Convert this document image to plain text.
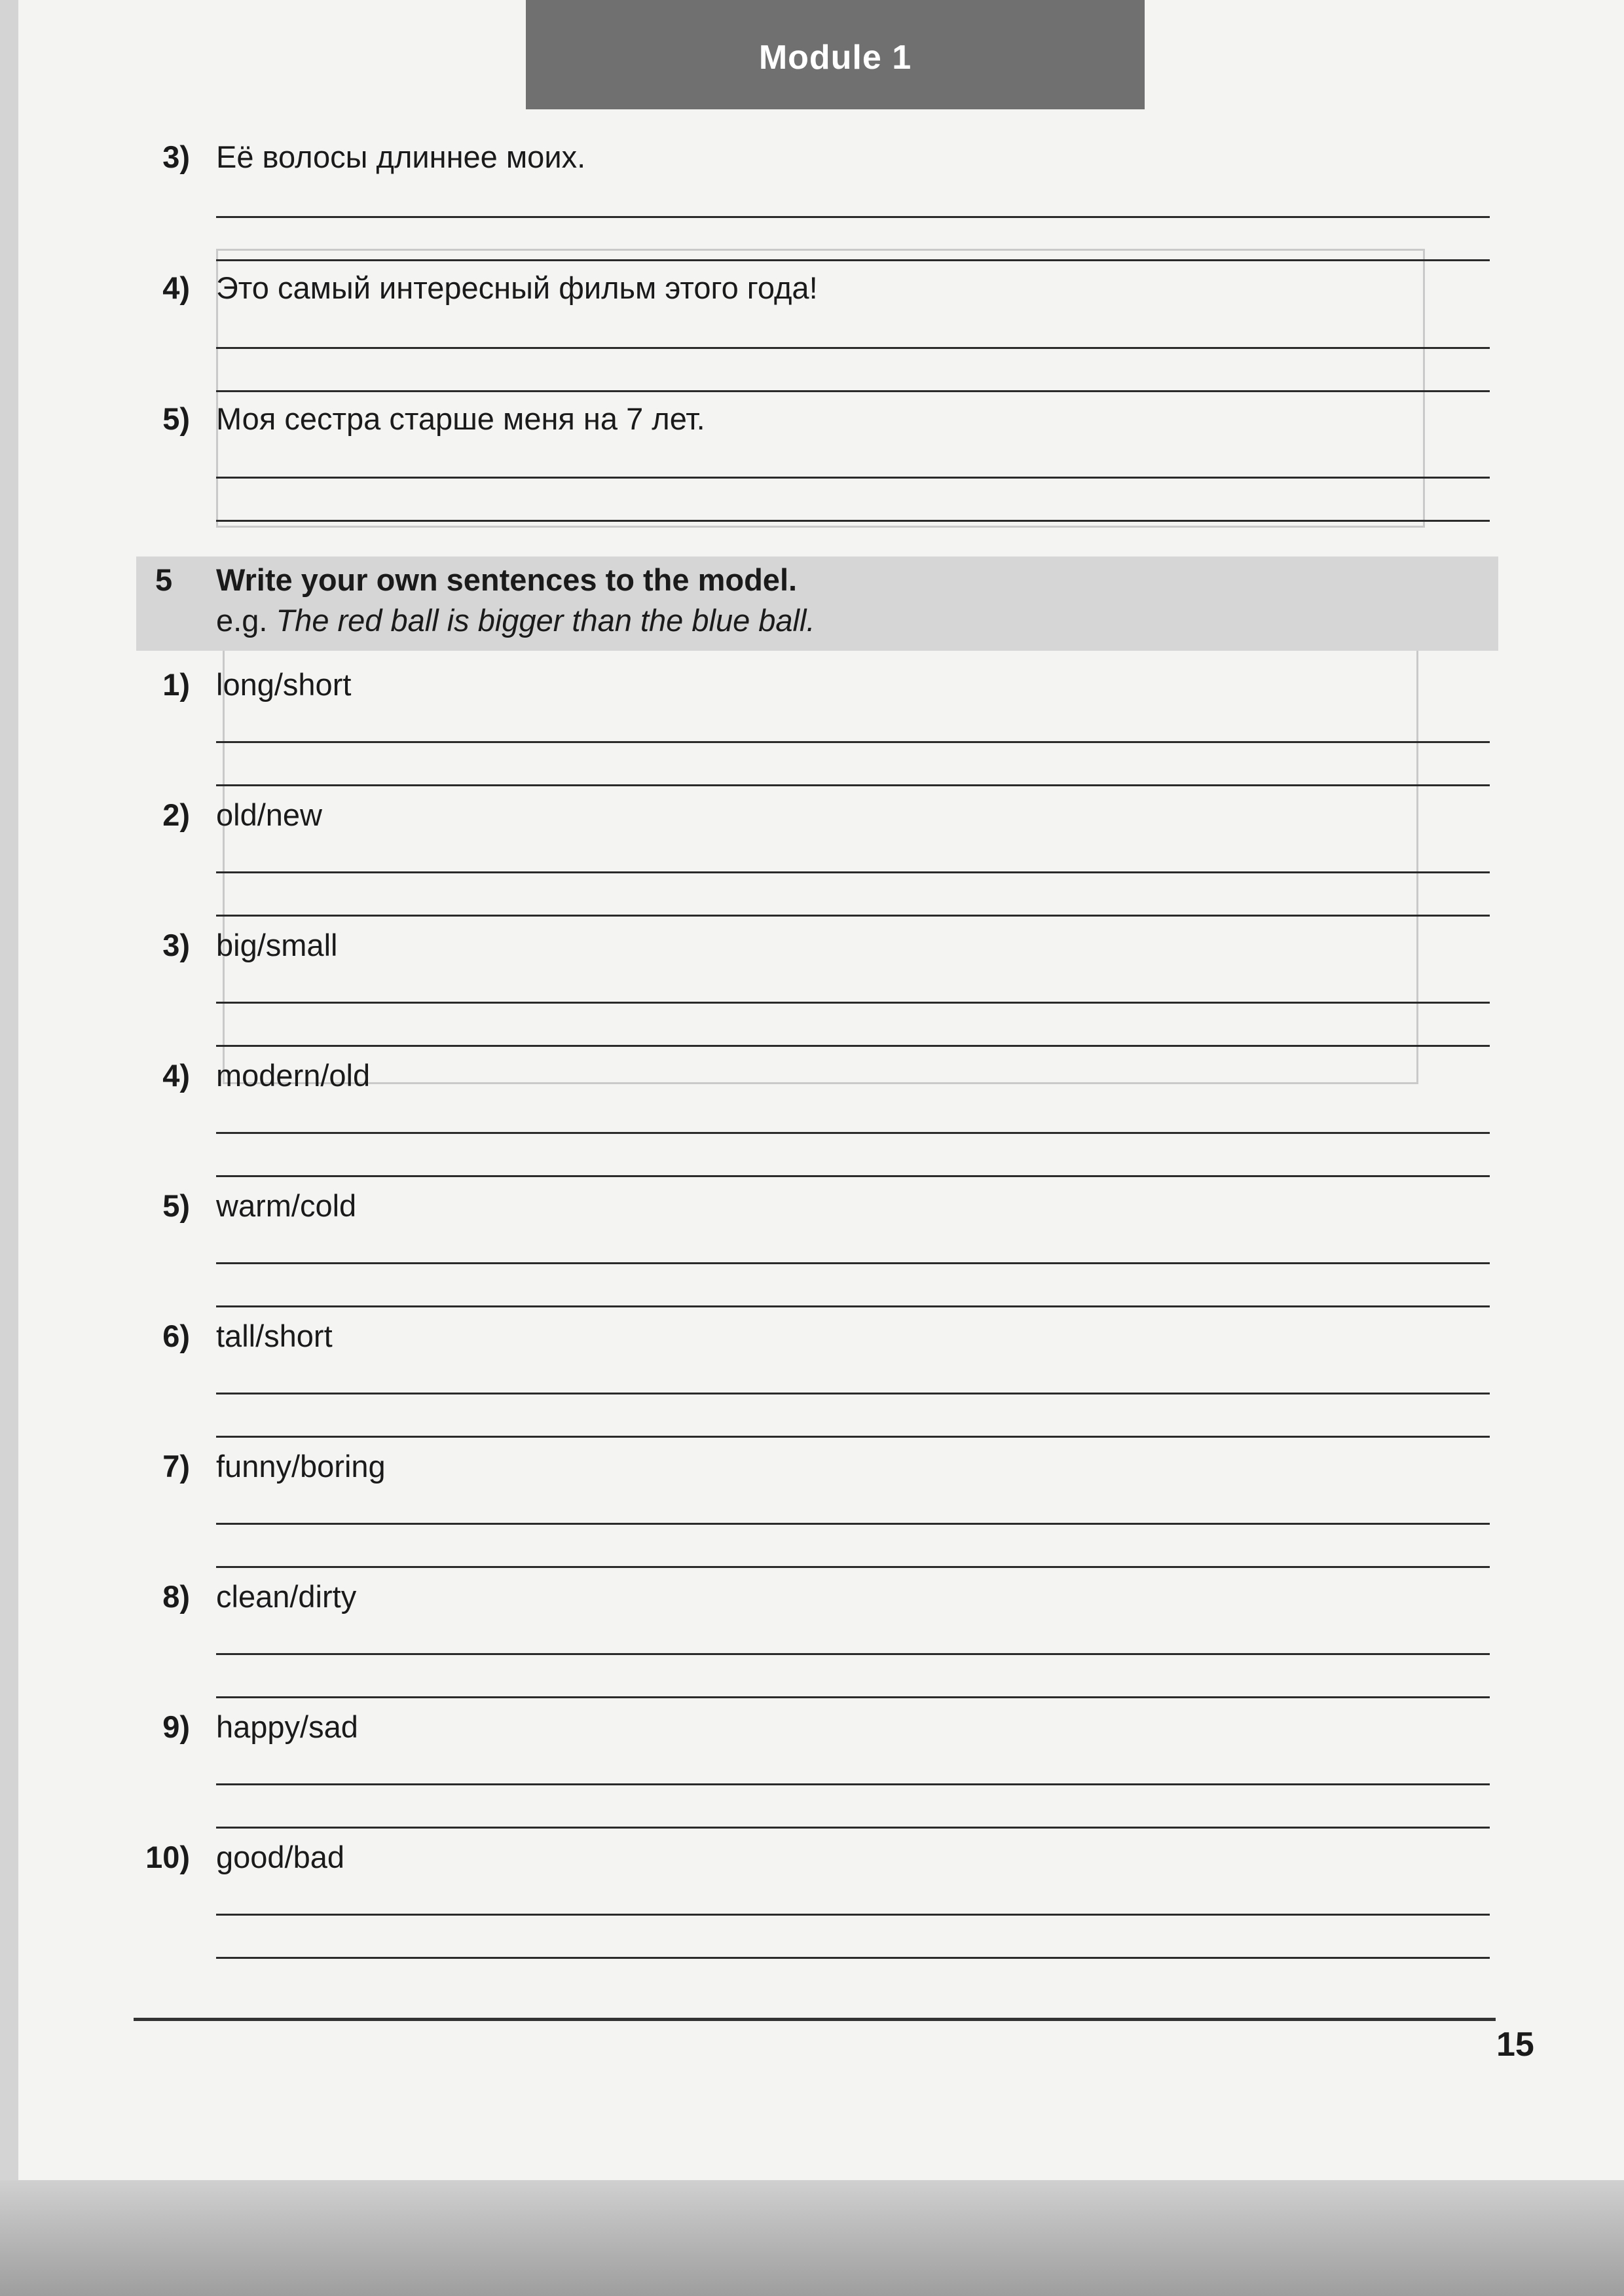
Module 1
3) Её волосы длиннее моих.
4) Это самый интересный фильм этого года!
5) Моя сестра старше меня на 7 лет.
5 Write your own sentences to the model.
e.g. The red ball is bigger than the blue ball.
1) long/short
2) old/new
3) big/small
4) modern/old
5) warm/cold
6) tall/short
7) funny/boring
8) clean/dirty
9) happy/sad
10) good/bad
15
